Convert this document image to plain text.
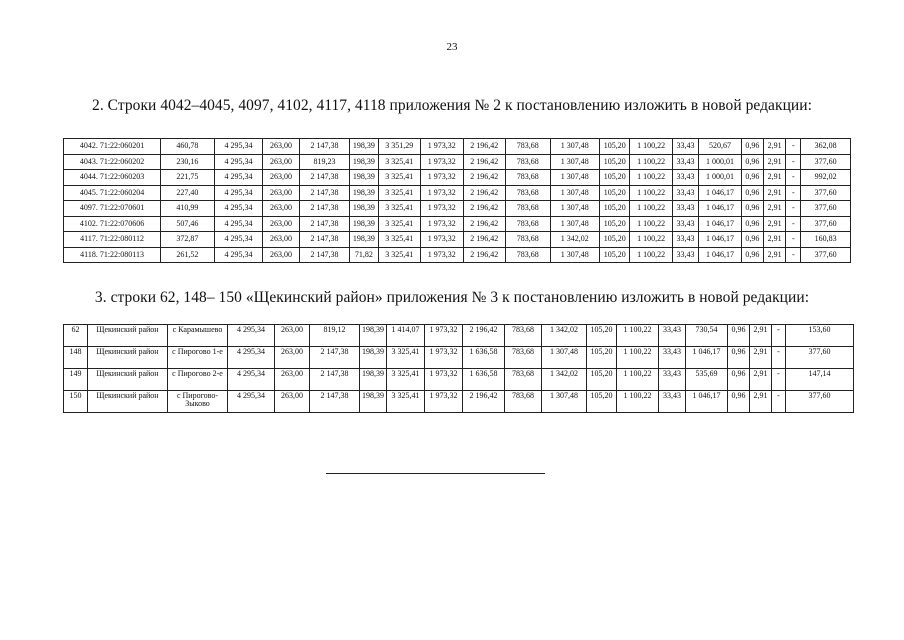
23
2. Строки 4042–4045, 4097, 4102, 4117, 4118 приложения № 2 к постановлению изложить в новой редакции:
4042. 71:22:060201	460,78	4 295,34	263,00	2 147,38	198,39	3 351,29	1 973,32	2 196,42	783,68	1 307,48	105,20	1 100,22	33,43	520,67	0,96	2,91	-	362,08
4043. 71:22:060202	230,16	4 295,34	263,00	819,23	198,39	3 325,41	1 973,32	2 196,42	783,68	1 307,48	105,20	1 100,22	33,43	1 000,01	0,96	2,91	-	377,60
4044. 71:22:060203	221,75	4 295,34	263,00	2 147,38	198,39	3 325,41	1 973,32	2 196,42	783,68	1 307,48	105,20	1 100,22	33,43	1 000,01	0,96	2,91	-	992,02
4045. 71:22:060204	227,40	4 295,34	263,00	2 147,38	198,39	3 325,41	1 973,32	2 196,42	783,68	1 307,48	105,20	1 100,22	33,43	1 046,17	0,96	2,91	-	377,60
4097. 71:22:070601	410,99	4 295,34	263,00	2 147,38	198,39	3 325,41	1 973,32	2 196,42	783,68	1 307,48	105,20	1 100,22	33,43	1 046,17	0,96	2,91	-	377,60
4102. 71:22:070606	507,46	4 295,34	263,00	2 147,38	198,39	3 325,41	1 973,32	2 196,42	783,68	1 307,48	105,20	1 100,22	33,43	1 046,17	0,96	2,91	-	377,60
4117. 71:22:080112	372,87	4 295,34	263,00	2 147,38	198,39	3 325,41	1 973,32	2 196,42	783,68	1 342,02	105,20	1 100,22	33,43	1 046,17	0,96	2,91	-	160,83
4118. 71:22:080113	261,52	4 295,34	263,00	2 147,38	71,82	3 325,41	1 973,32	2 196,42	783,68	1 307,48	105,20	1 100,22	33,43	1 046,17	0,96	2,91	-	377,60
3. строки 62, 148– 150 «Щекинский район» приложения № 3 к постановлению изложить в новой редакции:
62	Щекинский район	с Карамышево	4 295,34	263,00	819,12	198,39	1 414,07	1 973,32	2 196,42	783,68	1 342,02	105,20	1 100,22	33,43	730,54	0,96	2,91	-	153,60
148	Щекинский район	с Пирогово 1-е	4 295,34	263,00	2 147,38	198,39	3 325,41	1 973,32	1 636,58	783,68	1 307,48	105,20	1 100,22	33,43	1 046,17	0,96	2,91	-	377,60
149	Щекинский район	с Пирогово 2-е	4 295,34	263,00	2 147,38	198,39	3 325,41	1 973,32	1 636,58	783,68	1 342,02	105,20	1 100,22	33,43	535,69	0,96	2,91	-	147,14
150	Щекинский район	с Пирогово-Зыково	4 295,34	263,00	2 147,38	198,39	3 325,41	1 973,32	2 196,42	783,68	1 307,48	105,20	1 100,22	33,43	1 046,17	0,96	2,91	-	377,60
